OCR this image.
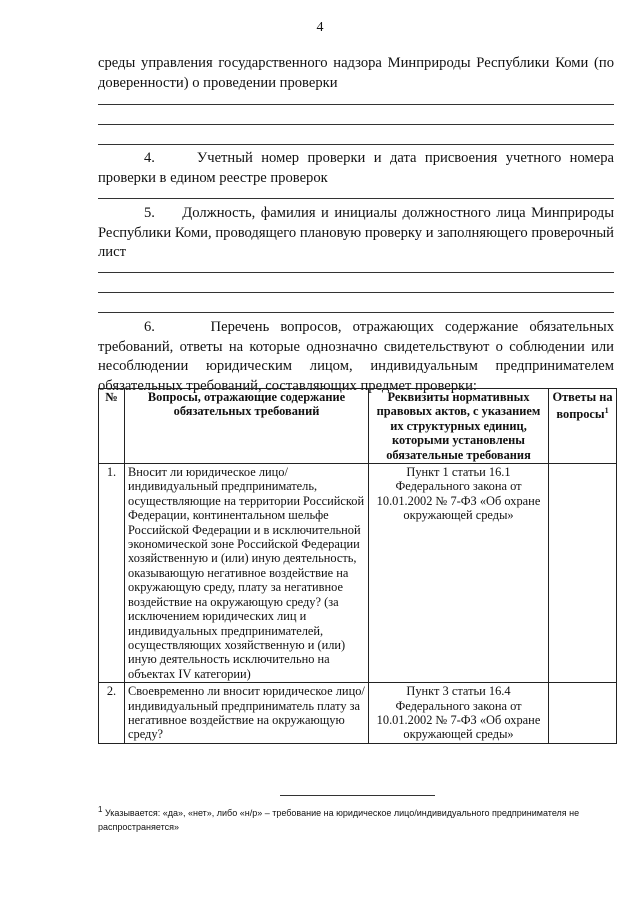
4
среды управления государственного надзора Минприроды Республики Коми (по доверенности) о проведении проверки
4.	Учетный номер проверки и дата присвоения учетного номера проверки в едином реестре проверок
5. Должность, фамилия и инициалы должностного лица Минприроды Республики Коми, проводящего плановую проверку и заполняющего проверочный лист
6.	Перечень вопросов, отражающих содержание обязательных требований, ответы на которые однозначно свидетельствуют о соблюдении или несоблюдении юридическим лицом, индивидуальным предпринимателем обязательных требований, составляющих предмет проверки:
№	Вопросы, отражающие содержание обязательных требований	Реквизиты нормативных правовых актов, с указанием их структурных единиц, которыми установлены обязательные требования	Ответы на вопросы$^1$
1.	Вносит ли юридическое лицо/индивидуальный предприниматель, осуществляющие на территории Российской Федерации, континентальном шельфе Российской Федерации и в исключительной экономической зоне Российской Федерации хозяйственную и (или) иную деятельность, оказывающую негативное воздействие на окружающую среду, плату за негативное воздействие на окружающую среду? (за исключением юридических лиц и индивидуальных предпринимателей, осуществляющих хозяйственную и (или) иную деятельность исключительно на объектах IV категории)	Пункт 1 статьи 16.1 Федерального закона от 10.01.2002 № 7-ФЗ «Об охране окружающей среды»	
2.	Своевременно ли вносит юридическое лицо/индивидуальный предприниматель плату за негативное воздействие на окружающую среду?	Пункт 3 статьи 16.4 Федерального закона от 10.01.2002 № 7-ФЗ «Об охране окружающей среды»	
$^1$ Указывается: «да», «нет», либо «н/р» – требование на юридическое лицо/индивидуального предпринимателя не распространяется»
